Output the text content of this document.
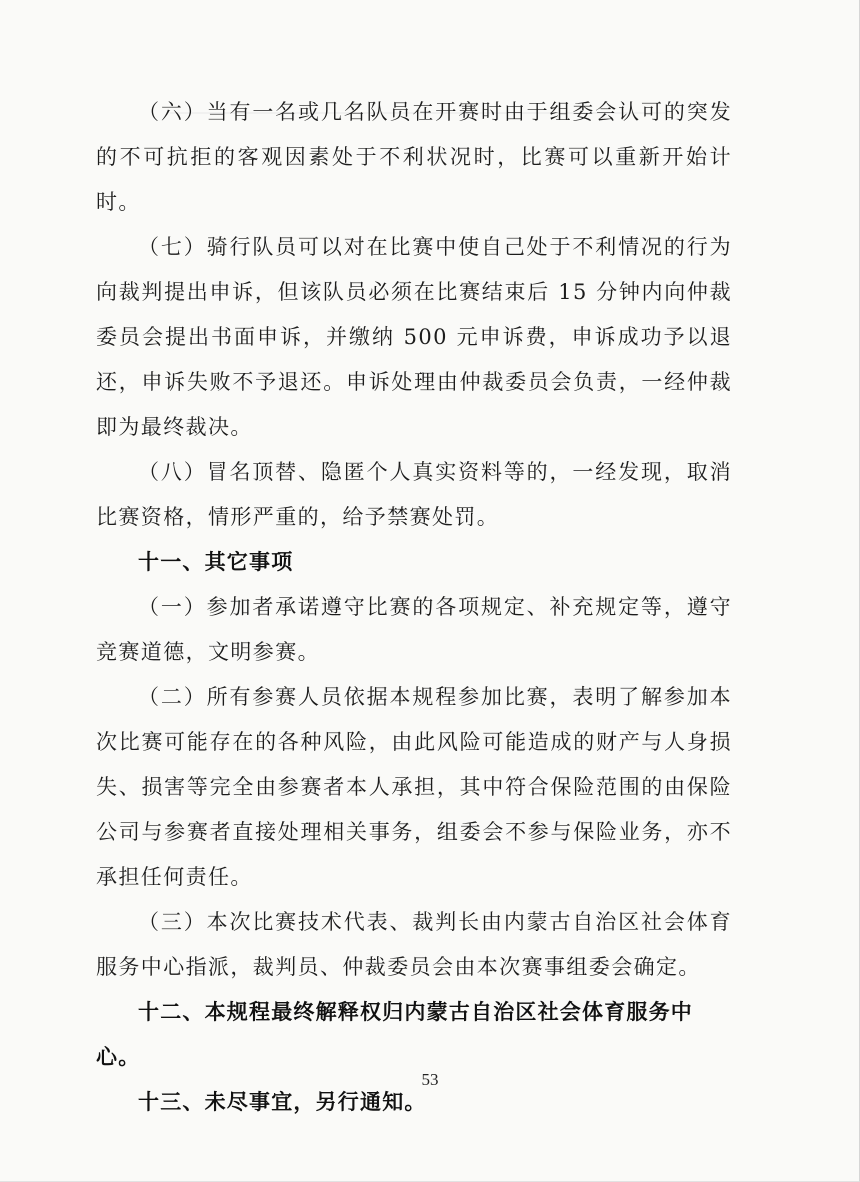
（六）当有一名或几名队员在开赛时由于组委会认可的突发的不可抗拒的客观因素处于不利状况时，比赛可以重新开始计时。

（七）骑行队员可以对在比赛中使自己处于不利情况的行为向裁判提出申诉，但该队员必须在比赛结束后 15 分钟内向仲裁委员会提出书面申诉，并缴纳 500 元申诉费，申诉成功予以退还，申诉失败不予退还。申诉处理由仲裁委员会负责，一经仲裁即为最终裁决。

（八）冒名顶替、隐匿个人真实资料等的，一经发现，取消比赛资格，情形严重的，给予禁赛处罚。

十一、其它事项

（一）参加者承诺遵守比赛的各项规定、补充规定等，遵守竞赛道德，文明参赛。

（二）所有参赛人员依据本规程参加比赛，表明了解参加本次比赛可能存在的各种风险，由此风险可能造成的财产与人身损失、损害等完全由参赛者本人承担，其中符合保险范围的由保险公司与参赛者直接处理相关事务，组委会不参与保险业务，亦不承担任何责任。

（三）本次比赛技术代表、裁判长由内蒙古自治区社会体育服务中心指派，裁判员、仲裁委员会由本次赛事组委会确定。

十二、本规程最终解释权归内蒙古自治区社会体育服务中心。

十三、未尽事宜，另行通知。

53
